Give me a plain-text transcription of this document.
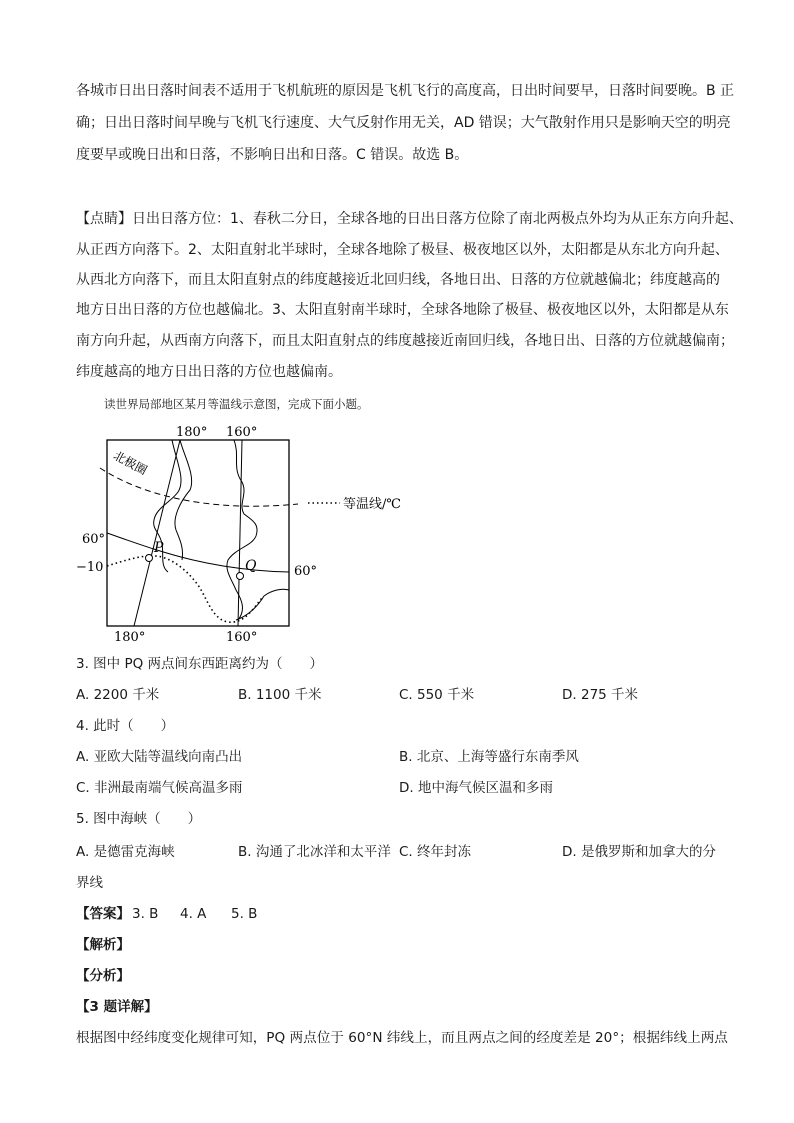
各城市日出日落时间表不适用于飞机航班的原因是飞机飞行的高度高，日出时间要早，日落时间要晚。B 正
确；日出日落时间早晚与飞机飞行速度、大气反射作用无关，AD 错误；大气散射作用只是影响天空的明亮
度要早或晚日出和日落，不影响日出和日落。C 错误。故选 B。
【点睛】日出日落方位：1、春秋二分日，全球各地的日出日落方位除了南北两极点外均为从正东方向升起、
从正西方向落下。2、太阳直射北半球时，全球各地除了极昼、极夜地区以外，太阳都是从东北方向升起、
从西北方向落下，而且太阳直射点的纬度越接近北回归线，各地日出、日落的方位就越偏北；纬度越高的
地方日出日落的方位也越偏北。3、太阳直射南半球时，全球各地除了极昼、极夜地区以外，太阳都是从东
南方向升起，从西南方向落下，而且太阳直射点的纬度越接近南回归线，各地日出、日落的方位就越偏南；
纬度越高的地方日出日落的方位也越偏南。
读世界局部地区某月等温线示意图，完成下面小题。
180° 160°
180°	160°
60°
−10	60°
北极圈
P
Q
等温线/℃
3. 图中 PQ 两点间东西距离约为（　　）
A. 2200 千米	B. 1100 千米	C. 550 千米	D. 275 千米
4. 此时（　　）
A. 亚欧大陆等温线向南凸出	B. 北京、上海等盛行东南季风
C. 非洲最南端气候高温多雨	D. 地中海气候区温和多雨
5. 图中海峡（　　）
A. 是德雷克海峡	B. 沟通了北冰洋和太平洋 C. 终年封冻	D. 是俄罗斯和加拿大的分
界线
【答案】 3. B 4. A 5. B
【解析】
【分析】
【3 题详解】
根据图中经纬度变化规律可知，PQ 两点位于 60°N 纬线上，而且两点之间的经度差是 20°；根据纬线上两点
